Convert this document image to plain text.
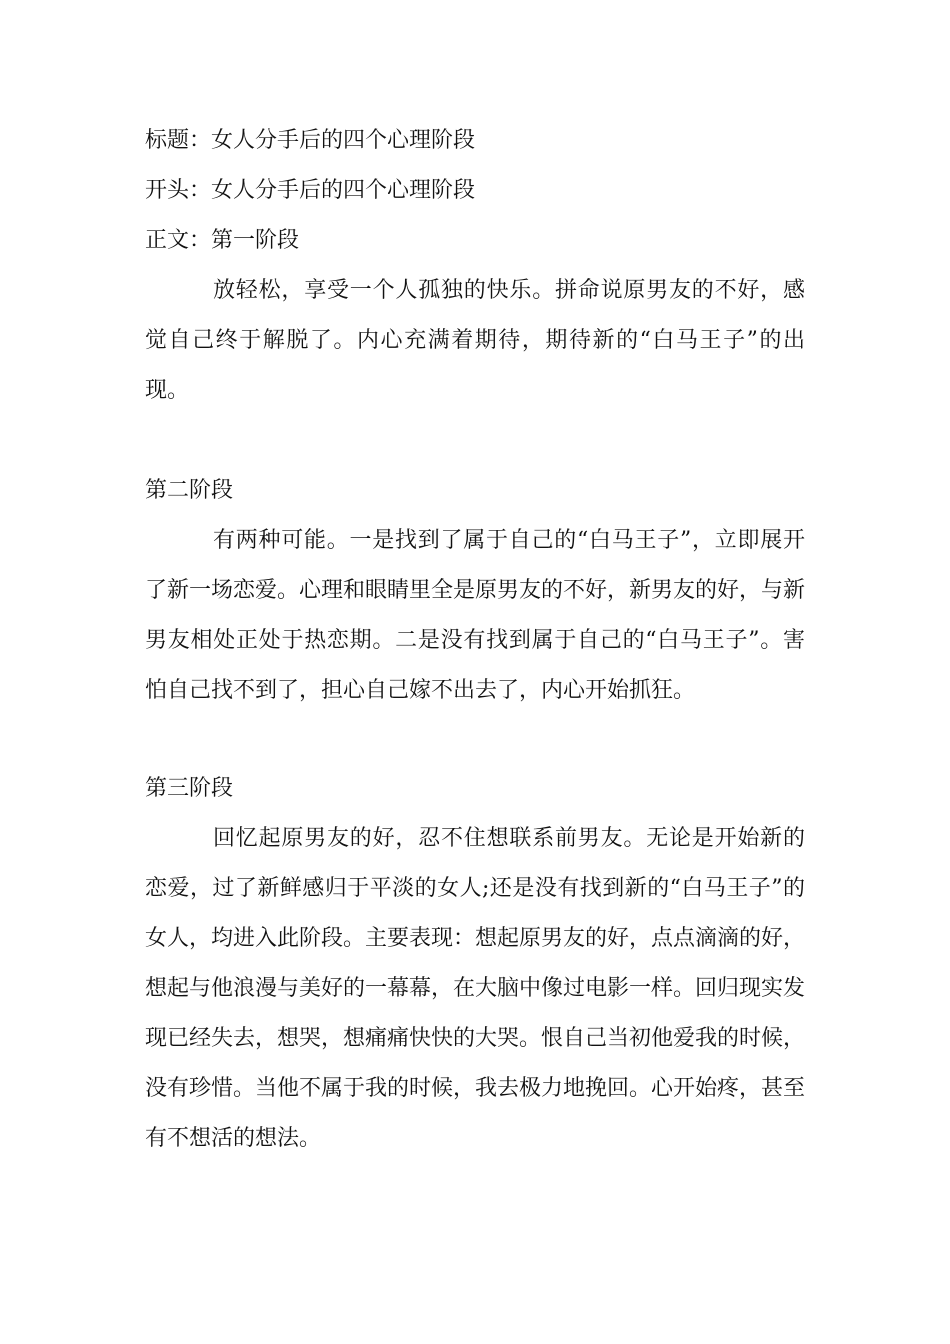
标题：女人分手后的四个心理阶段
开头：女人分手后的四个心理阶段
正文：第一阶段

放轻松，享受一个人孤独的快乐。拼命说原男友的不好，感觉自己终于解脱了。内心充满着期待，期待新的“白马王子”的出现。

第二阶段

有两种可能。一是找到了属于自己的“白马王子”，立即展开了新一场恋爱。心理和眼睛里全是原男友的不好，新男友的好，与新男友相处正处于热恋期。二是没有找到属于自己的“白马王子”。害怕自己找不到了，担心自己嫁不出去了，内心开始抓狂。

第三阶段

回忆起原男友的好，忍不住想联系前男友。无论是开始新的恋爱，过了新鲜感归于平淡的女人;还是没有找到新的“白马王子”的女人，均进入此阶段。主要表现：想起原男友的好，点点滴滴的好，想起与他浪漫与美好的一幕幕，在大脑中像过电影一样。回归现实发现已经失去，想哭，想痛痛快快的大哭。恨自己当初他爱我的时候，没有珍惜。当他不属于我的时候，我去极力地挽回。心开始疼，甚至有不想活的想法。
